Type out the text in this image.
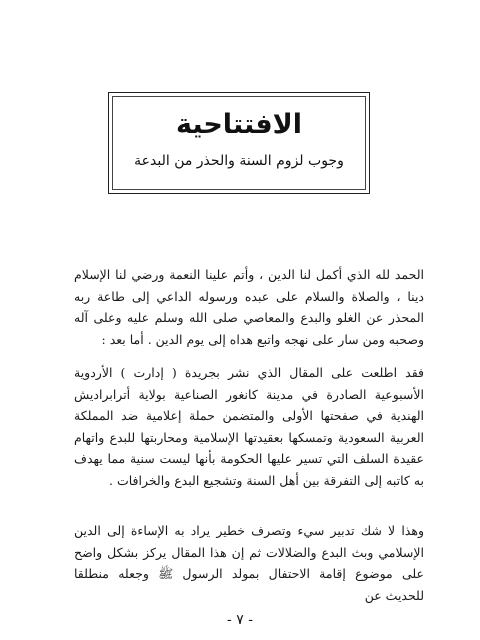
الافتتاحية
وجوب لزوم السنة والحذر من البدعة
الحمد لله الذي أكمل لنا الدين ، وأتم علينا النعمة ورضي لنا الإسلام دينا ، والصلاة والسلام على عبده ورسوله الداعي إلى طاعة ربه المحذر عن الغلو والبدع والمعاصي صلى الله وسلم عليه وعلى آله وصحبه ومن سار على نهجه واتبع هداه إلى يوم الدين . أما بعد :
فقد اطلعت على المقال الذي نشر بجريدة ( إدارت ) الأردوية الأسبوعية الصادرة في مدينة كانغور الصناعية بولاية أترابراديش الهندية في صفحتها الأولى والمتضمن حملة إعلامية ضد المملكة العربية السعودية وتمسكها بعقيدتها الإسلامية ومحاربتها للبدع واتهام عقيدة السلف التي تسير عليها الحكومة بأنها ليست سنية مما يهدف به كاتبه إلى التفرقة بين أهل السنة وتشجيع البدع والخرافات .
وهذا لا شك تدبير سيء وتصرف خطير يراد به الإساءة إلى الدين الإسلامي وبث البدع والضلالات ثم إن هذا المقال يركز بشكل واضح على موضوع إقامة الاحتفال بمولد الرسول ﷺ وجعله منطلقا للحديث عن
- ٧ -
